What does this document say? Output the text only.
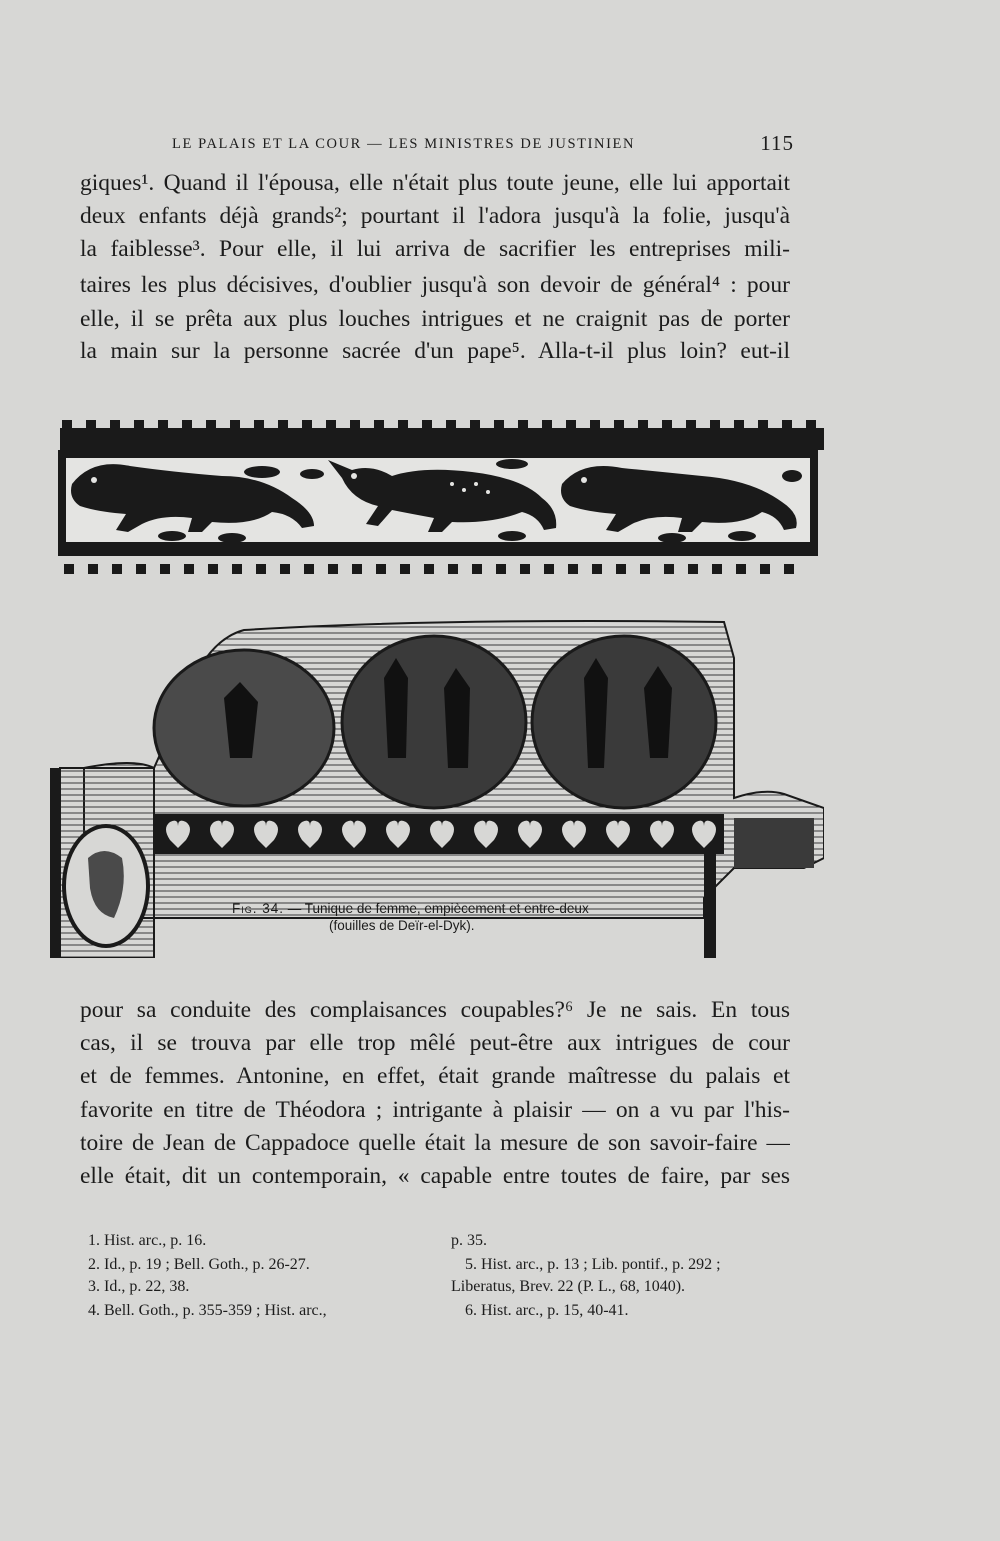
LE PALAIS ET LA COUR — LES MINISTRES DE JUSTINIEN	115
giques¹. Quand il l'épousa, elle n'était plus toute jeune, elle lui apportait
deux enfants déjà grands²; pourtant il l'adora jusqu'à la folie, jusqu'à
la faiblesse³. Pour elle, il lui arriva de sacrifier les entreprises mili-
taires les plus décisives, d'oublier jusqu'à son devoir de général⁴ : pour
elle, il se prêta aux plus louches intrigues et ne craignit pas de porter
la main sur la personne sacrée d'un pape⁵. Alla-t-il plus loin? eut-il
Fig. 34. — Tunique de femme, empiècement et entre-deux
(fouilles de Deïr-el-Dyk).
pour sa conduite des complaisances coupables?⁶ Je ne sais. En tous
cas, il se trouva par elle trop mêlé peut-être aux intrigues de cour
et de femmes. Antonine, en effet, était grande maîtresse du palais et
favorite en titre de Théodora ; intrigante à plaisir — on a vu par l'his-
toire de Jean de Cappadoce quelle était la mesure de son savoir-faire —
elle était, dit un contemporain, « capable entre toutes de faire, par ses
1. Hist. arc., p. 16.
2. Id., p. 19 ; Bell. Goth., p. 26-27.
3. Id., p. 22, 38.
4. Bell. Goth., p. 355-359 ; Hist. arc.,
p. 35.
5. Hist. arc., p. 13 ; Lib. pontif., p. 292 ;
Liberatus, Brev. 22 (P. L., 68, 1040).
6. Hist. arc., p. 15, 40-41.
